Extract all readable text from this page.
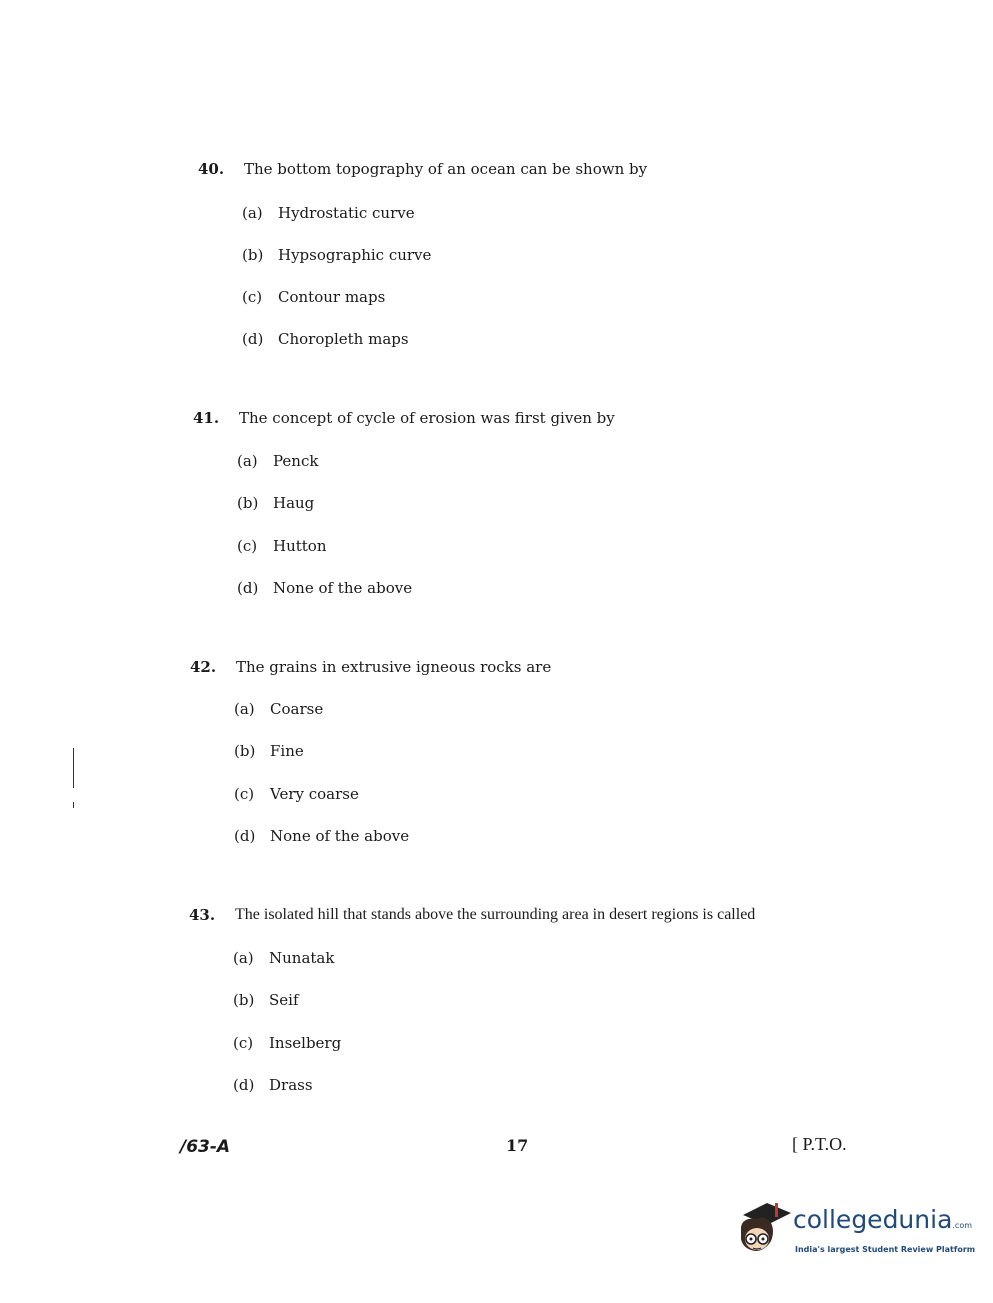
40. The bottom topography of an ocean can be shown by
(a) Hydrostatic curve
(b) Hypsographic curve
(c) Contour maps
(d) Choropleth maps
41. The concept of cycle of erosion was first given by
(a) Penck
(b) Haug
(c) Hutton
(d) None of the above
42. The grains in extrusive igneous rocks are
(a) Coarse
(b) Fine
(c) Very coarse
(d) None of the above
43. The isolated hill that stands above the surrounding area in desert regions is called
(a) Nunatak
(b) Seif
(c) Inselberg
(d) Drass
/63-A	17	[ P.T.O.
collegedunia.com
India's largest Student Review Platform
